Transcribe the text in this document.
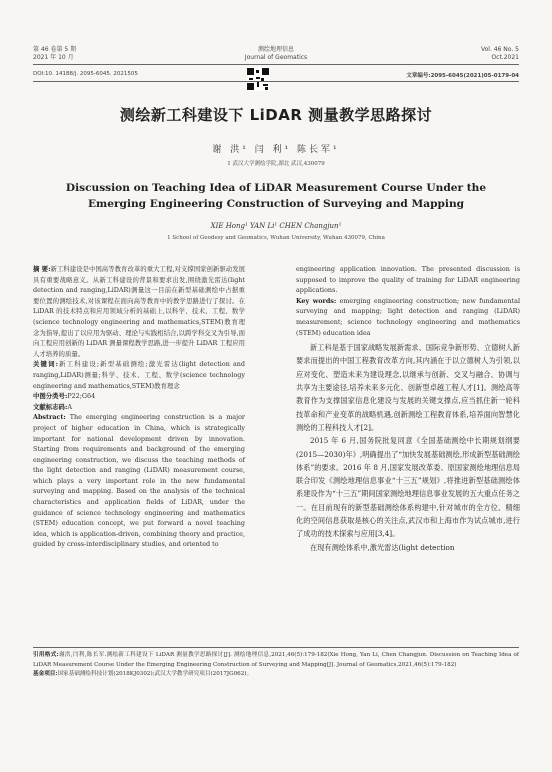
第 46 卷第 5 期
2021 年 10 月
测绘地理信息
Journal of Geomatics
Vol. 46 No. 5
Oct.2021
DOI:10. 14188/j. 2095-6045. 2021505	文章编号:2095-6045(2021)05-0179-04
测绘新工科建设下 LiDAR 测量教学思路探讨
谢 洪¹ 闫 利¹ 陈长军¹
1 武汉大学测绘学院,湖北 武汉,430079
Discussion on Teaching Idea of LiDAR Measurement Course Under the Emerging Engineering Construction of Surveying and Mapping
XIE Hong¹ YAN Li¹ CHEN Changjun¹
1 School of Geodesy and Geomatics, Wuhan University, Wuhan 430079, China

摘 要:新工科建设是中国高等教育改革的重大工程,对支撑国家创新驱动发展具有重要战略意义。从新工科建设的背景和要求出发,围绕激光雷达(light detection and ranging,LiDAR)测量这一目前在新型基础测绘中占据重要位置的测绘技术,对该课程在面向高等教育中的教学思路进行了探讨。在 LiDAR 的技术特点和应用领域分析的基础上,以科学、技术、工程、数学(science technology engineering and mathematics,STEM)教育理念为指导,提出了以应用为驱动、理论与实践相结合,以跨学科交叉为引导,面向工程应用创新的 LiDAR 测量课程教学思路,进一步提升 LiDAR 工程应用人才培养的质量。

关键词:新工科建设;新型基础测绘;激光雷达(light detection and ranging,LiDAR)测量;科学、技术、工程、数学(science technology engineering and mathematics,STEM)教育理念

中图分类号:P22;G64

文献标志码:A

Abstract: The emerging engineering construction is a major project of higher education in China, which is strategically important for national development driven by innovation. Starting from requirements and background of the emerging engineering construction, we discuss the teaching methods of the light detection and ranging (LiDAR) measurement course, which plays a very important role in the new fundamental surveying and mapping. Based on the analysis of the technical characteristics and application fields of LiDAR, under the guidance of science technology engineering and mathematics (STEM) education concept, we put forward a novel teaching idea, which is application-driven, combining theory and practice, guided by cross-interdisciplinary studies, and oriented to

engineering application innovation. The presented discussion is supposed to improve the quality of training for LiDAR engineering applications.

Key words: emerging engineering construction; new fundamental surveying and mapping; light detection and ranging (LiDAR) measurement; science technology engineering and mathematics (STEM) education idea

新工科是基于国家战略发展新需求、国际竞争新形势、立德树人新要求而提出的中国工程教育改革方向,其内涵在于以立德树人为引领,以应对变化、塑造未来为建设理念,以继承与创新、交叉与融合、协调与共享为主要途径,培养未来多元化、创新型卓越工程人才[1]。测绘高等教育作为支撑国家信息化建设与发展的关键支撑点,应当抓住新一轮科技革命和产业变革的战略机遇,创新测绘工程教育体系,培养面向智慧化测绘的工程科技人才[2]。

2015 年 6 月,国务院批复同意《全国基础测绘中长期规划纲要(2015—2030)年》,明确提出了“加快发展基础测绘,形成新型基础测绘体系”的要求。2016 年 8 月,国家发展改革委、原国家测绘地理信息局联合印发《测绘地理信息事业“十三五”规划》,将推进新型基础测绘体系建设作为“十三五”期间国家测绘地理信息事业发展的五大重点任务之一。在目前现有的新型基础测绘体系构建中,针对城市的全方位、精细化的空间信息获取是核心的关注点,武汉市和上海市作为试点城市,进行了成功的技术探索与应用[3,4]。

在现有测绘体系中,激光雷达(light detection

引用格式:谢洪,闫利,陈长军.测绘新工科建设下 LiDAR 测量教学思路探讨[J]. 测绘地理信息,2021,46(5):179-182(Xie Hong, Yan Li, Chen Changjun. Discussion on Teaching Idea of LiDAR Measurement Course Under the Emerging Engineering Construction of Surveying and Mapping[J]. Journal of Geomatics,2021,46(5):179-182)

基金项目:国家基础测绘科技计划(2018KJ0302);武汉大学教学研究项目(2017JG062)。
